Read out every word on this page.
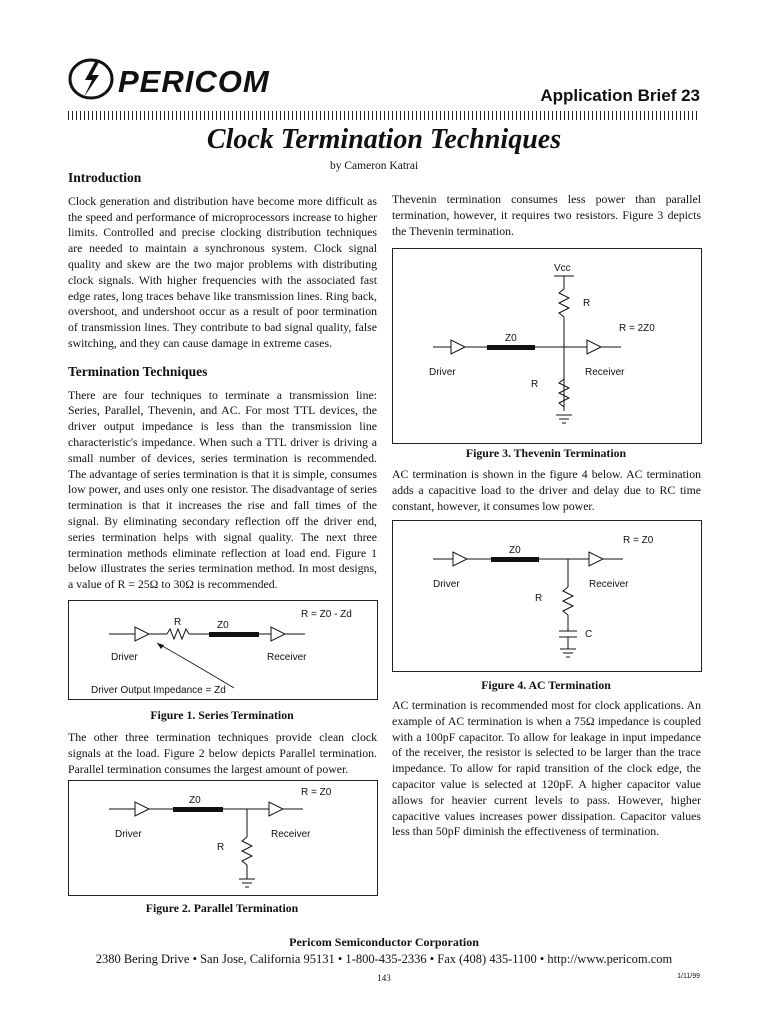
PERICOM	Application Brief 23
Clock Termination Techniques
by Cameron Katrai
Introduction

Clock generation and distribution have become more difficult as the speed and performance of microprocessors increase to higher limits. Controlled and precise clocking distribution techniques are needed to maintain a synchronous system. Clock signal quality and skew are the two major problems with distributing clock signals. With higher frequencies with the associated fast edge rates, long traces behave like transmission lines. Ring back, overshoot, and undershoot occur as a result of poor termination of transmission lines. They contribute to bad signal quality, false switching, and they can cause damage in extreme cases.

Termination Techniques

There are four techniques to terminate a transmission line: Series, Parallel, Thevenin, and AC. For most TTL devices, the driver output impedance is less than the transmission line characteristic's impedance. When such a TTL driver is driving a small number of devices, series termination is recommended. The advantage of series termination is that it is simple, consumes low power, and uses only one resistor. The disadvantage of series termination is that it increases the rise and fall times of the signal. By eliminating secondary reflection off the driver end, series termination helps with signal quality. The next three termination methods eliminate reflection at load end. Figure 1 below illustrates the series termination method. In most designs, a value of R = 25Ω to 30Ω is recommended.

R = Z0 - Zd
R	Z0
Driver	Receiver
Driver Output Impedance = Zd
Figure 1. Series Termination

The other three termination techniques provide clean clock signals at the load. Figure 2 below depicts Parallel termination. Parallel termination consumes the largest amount of power.

R = Z0
Z0
Driver	Receiver
R
Figure 2. Parallel Termination

Thevenin termination consumes less power than parallel termination, however, it requires two resistors. Figure 3 depicts the Thevenin termination.

Vcc
R
R = 2Z0
Z0
Driver	Receiver
R
Figure 3. Thevenin Termination

AC termination is shown in the figure 4 below. AC termination adds a capacitive load to the driver and delay due to RC time constant, however, it consumes low power.

R = Z0
Z0
Driver	Receiver
R
C
Figure 4. AC Termination

AC termination is recommended most for clock applications. An example of AC termination is when a 75Ω impedance is coupled with a 100pF capacitor. To allow for leakage in input impedance of the receiver, the resistor is selected to be larger than the trace impedance. To allow for rapid transition of the clock edge, the capacitor value is selected at 120pF. A higher capacitor value allows for heavier current levels to pass. However, higher capacitive values increases power dissipation. Capacitor values less than 50pF diminish the effectiveness of termination.

Pericom Semiconductor Corporation
2380 Bering Drive • San Jose, California 95131 • 1-800-435-2336 • Fax (408) 435-1100 • http://www.pericom.com
143	1/11/99
